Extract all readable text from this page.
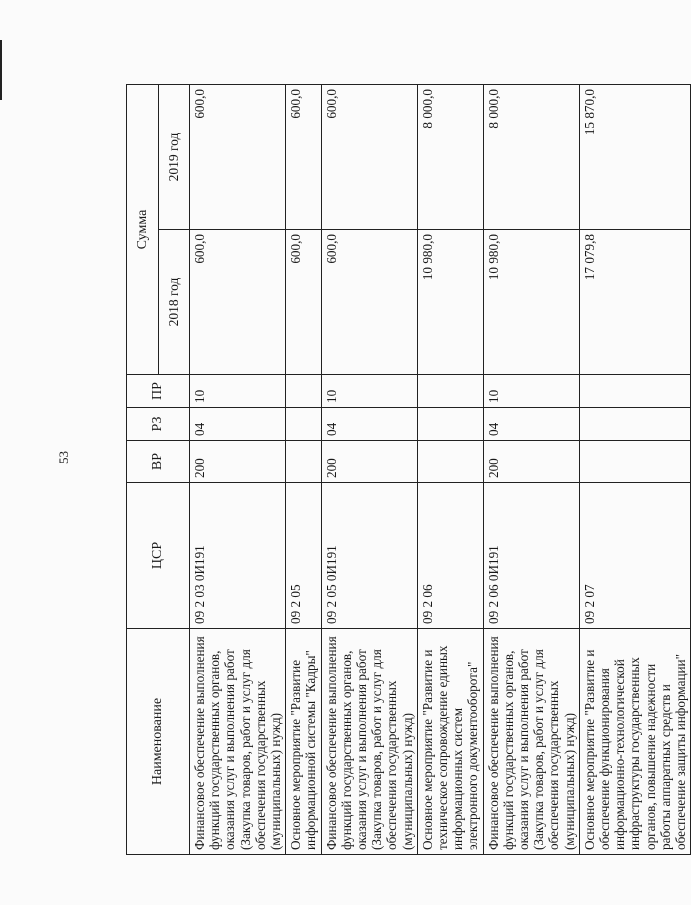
53
Наименование	ЦСР	ВР	РЗ	ПР	Сумма	
					2018 год	2019 год
Финансовое обеспечение выполнения функций государственных органов, оказания услуг и выполнения работ (Закупка товаров, работ и услуг для обеспечения государственных (муниципальных) нужд)	09 2 03 0И191	200	04	10	600,0	600,0
Основное мероприятие "Развитие информационной системы "Кадры"	09 2 05				600,0	600,0
Финансовое обеспечение выполнения функций государственных органов, оказания услуг и выполнения работ (Закупка товаров, работ и услуг для обеспечения государственных (муниципальных) нужд)	09 2 05 0И191	200	04	10	600,0	600,0
Основное мероприятие "Развитие и техническое сопровождение единых информационных систем электронного документооборота"	09 2 06				10 980,0	8 000,0
Финансовое обеспечение выполнения функций государственных органов, оказания услуг и выполнения работ (Закупка товаров, работ и услуг для обеспечения государственных (муниципальных) нужд)	09 2 06 0И191	200	04	10	10 980,0	8 000,0
Основное мероприятие "Развитие и обеспечение функционирования информационно-технологической инфраструктуры государственных органов, повышение надежности работы аппаратных средств и обеспечение защиты информации"	09 2 07				17 079,8	15 870,0
